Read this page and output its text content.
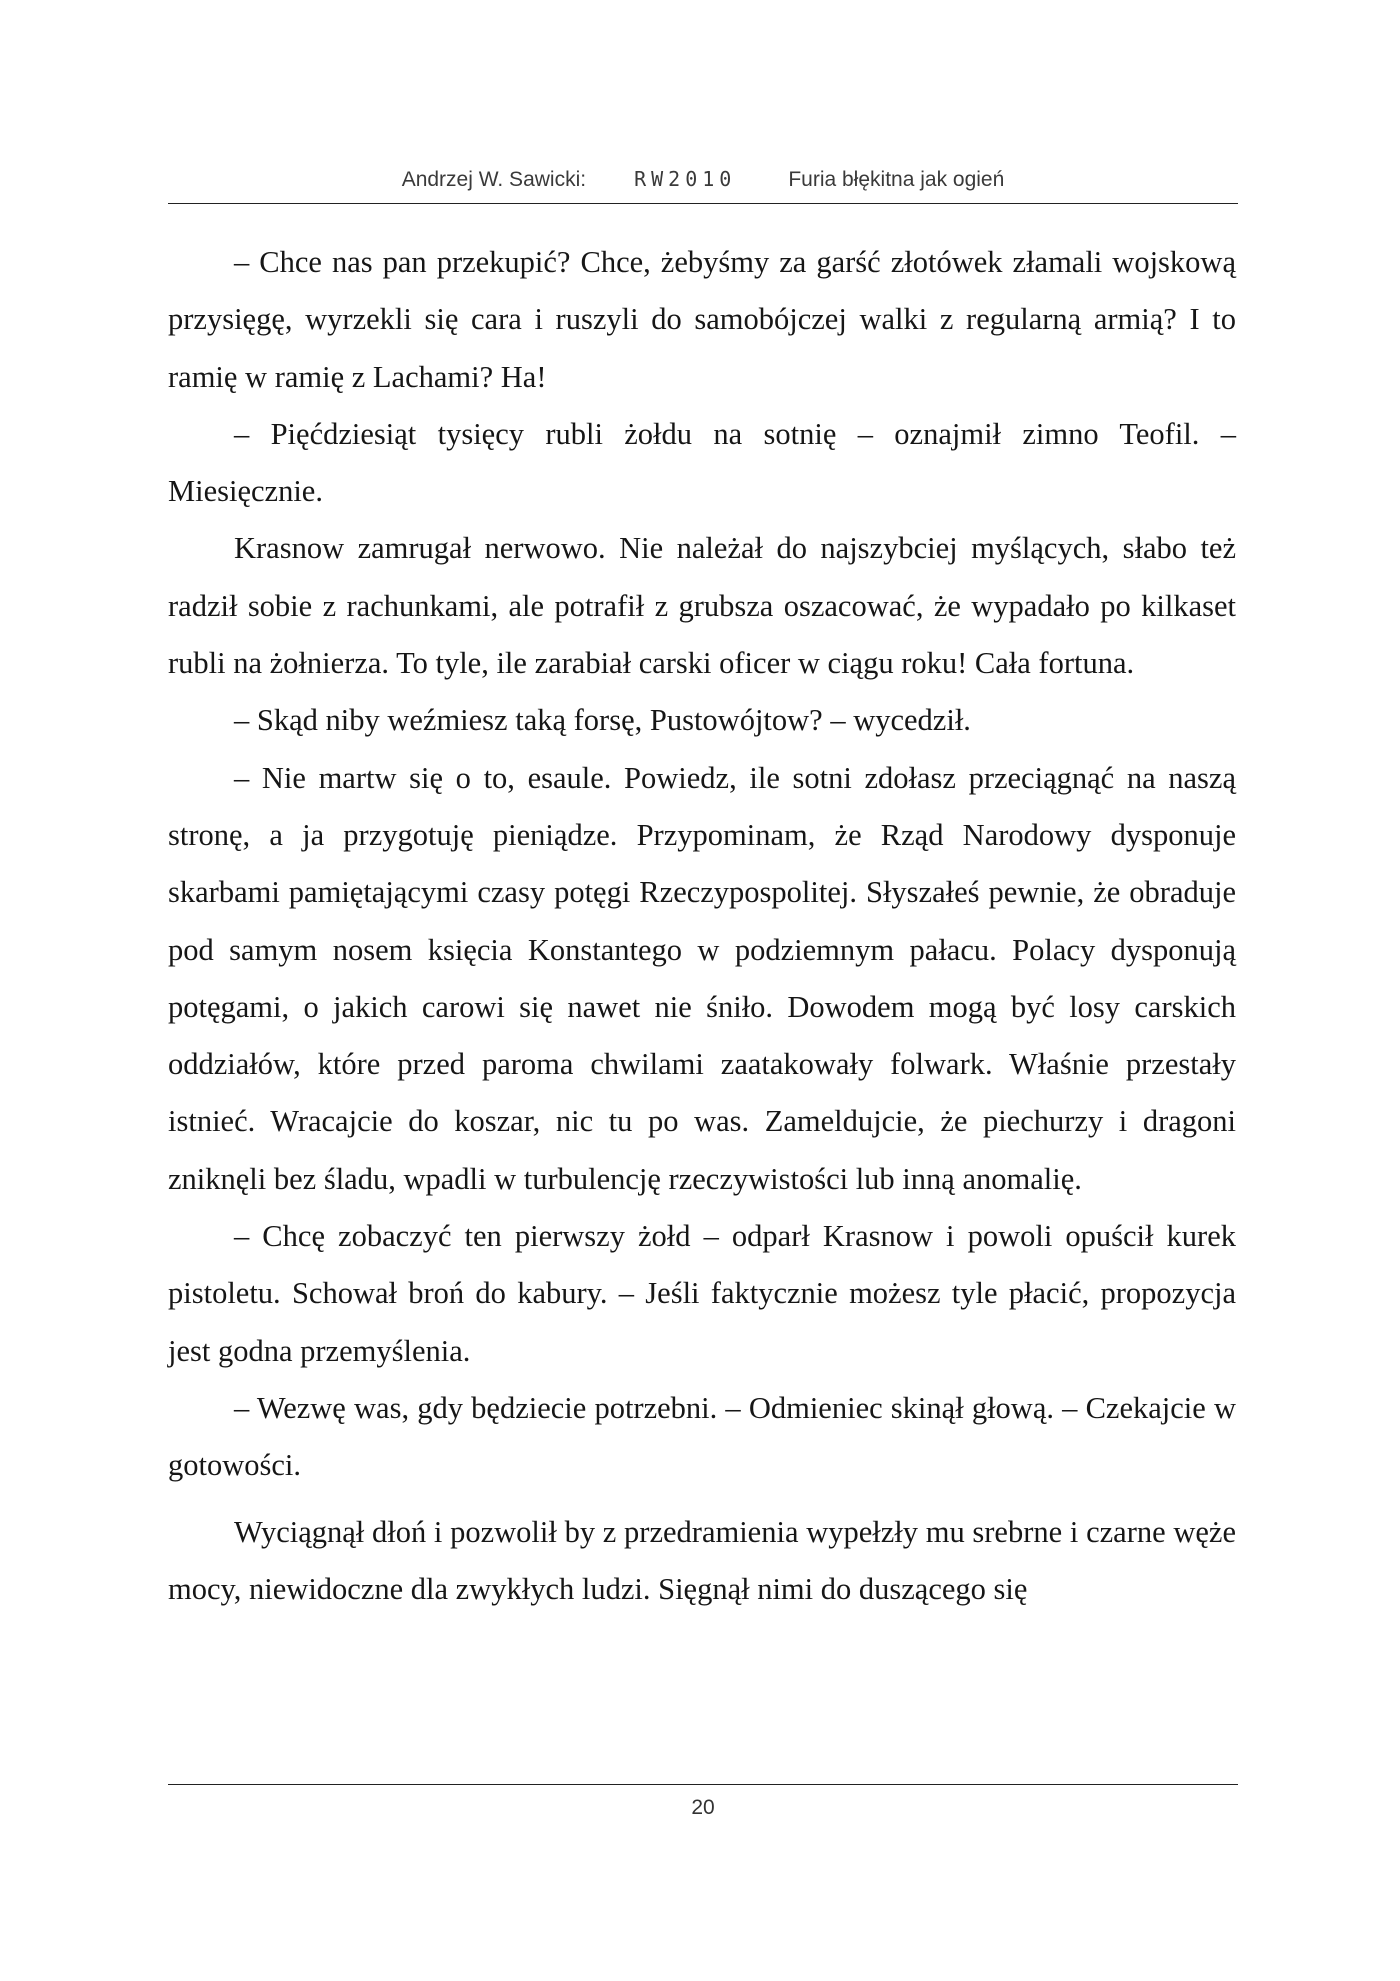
Andrzej W. Sawicki: RW2010 Furia błękitna jak ogień

– Chce nas pan przekupić? Chce, żebyśmy za garść złotówek złamali wojskową przysięgę, wyrzekli się cara i ruszyli do samobójczej walki z regularną armią? I to ramię w ramię z Lachami? Ha!

– Pięćdziesiąt tysięcy rubli żołdu na sotnię – oznajmił zimno Teofil. – Miesięcznie.

Krasnow zamrugał nerwowo. Nie należał do najszybciej myślących, słabo też radził sobie z rachunkami, ale potrafił z grubsza oszacować, że wypadało po kilkaset rubli na żołnierza. To tyle, ile zarabiał carski oficer w ciągu roku! Cała fortuna.

– Skąd niby weźmiesz taką forsę, Pustowójtow? – wycedził.

– Nie martw się o to, esaule. Powiedz, ile sotni zdołasz przeciągnąć na naszą stronę, a ja przygotuję pieniądze. Przypominam, że Rząd Narodowy dysponuje skarbami pamiętającymi czasy potęgi Rzeczypospolitej. Słyszałeś pewnie, że obraduje pod samym nosem księcia Konstantego w podziemnym pałacu. Polacy dysponują potęgami, o jakich carowi się nawet nie śniło. Dowodem mogą być losy carskich oddziałów, które przed paroma chwilami zaatakowały folwark. Właśnie przestały istnieć. Wracajcie do koszar, nic tu po was. Zameldujcie, że piechurzy i dragoni zniknęli bez śladu, wpadli w turbulencję rzeczywistości lub inną anomalię.

– Chcę zobaczyć ten pierwszy żołd – odparł Krasnow i powoli opuścił kurek pistoletu. Schował broń do kabury. – Jeśli faktycznie możesz tyle płacić, propozycja jest godna przemyślenia.

– Wezwę was, gdy będziecie potrzebni. – Odmieniec skinął głową. – Czekajcie w gotowości.

Wyciągnął dłoń i pozwolił by z przedramienia wypełzły mu srebrne i czarne węże mocy, niewidoczne dla zwykłych ludzi. Sięgnął nimi do duszącego się

20
